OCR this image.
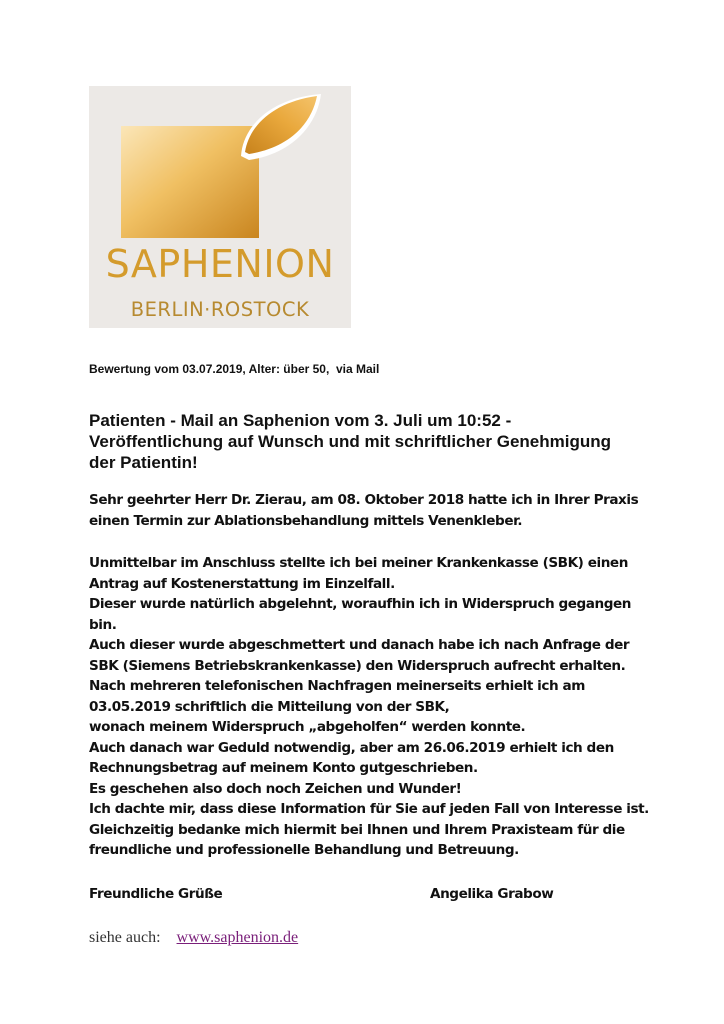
SAPHENION
BERLIN·ROSTOCK
Bewertung vom 03.07.2019, Alter: über 50,  via Mail
Patienten - Mail an Saphenion vom 3. Juli um 10:52 -
Veröffentlichung auf Wunsch und mit schriftlicher Genehmigung
der Patientin!
Sehr geehrter Herr Dr. Zierau, am 08. Oktober 2018 hatte ich in Ihrer Praxis
einen Termin zur Ablationsbehandlung mittels Venenkleber.
Unmittelbar im Anschluss stellte ich bei meiner Krankenkasse (SBK) einen
Antrag auf Kostenerstattung im Einzelfall.
Dieser wurde natürlich abgelehnt, woraufhin ich in Widerspruch gegangen
bin.
Auch dieser wurde abgeschmettert und danach habe ich nach Anfrage der
SBK (Siemens Betriebskrankenkasse) den Widerspruch aufrecht erhalten.
Nach mehreren telefonischen Nachfragen meinerseits erhielt ich am
03.05.2019 schriftlich die Mitteilung von der SBK,
wonach meinem Widerspruch „abgeholfen“ werden konnte.
Auch danach war Geduld notwendig, aber am 26.06.2019 erhielt ich den
Rechnungsbetrag auf meinem Konto gutgeschrieben.
Es geschehen also doch noch Zeichen und Wunder!
Ich dachte mir, dass diese Information für Sie auf jeden Fall von Interesse ist.
Gleichzeitig bedanke mich hiermit bei Ihnen und Ihrem Praxisteam für die
freundliche und professionelle Behandlung und Betreuung.
Freundliche Grüße	Angelika Grabow
siehe auch: www.saphenion.de
